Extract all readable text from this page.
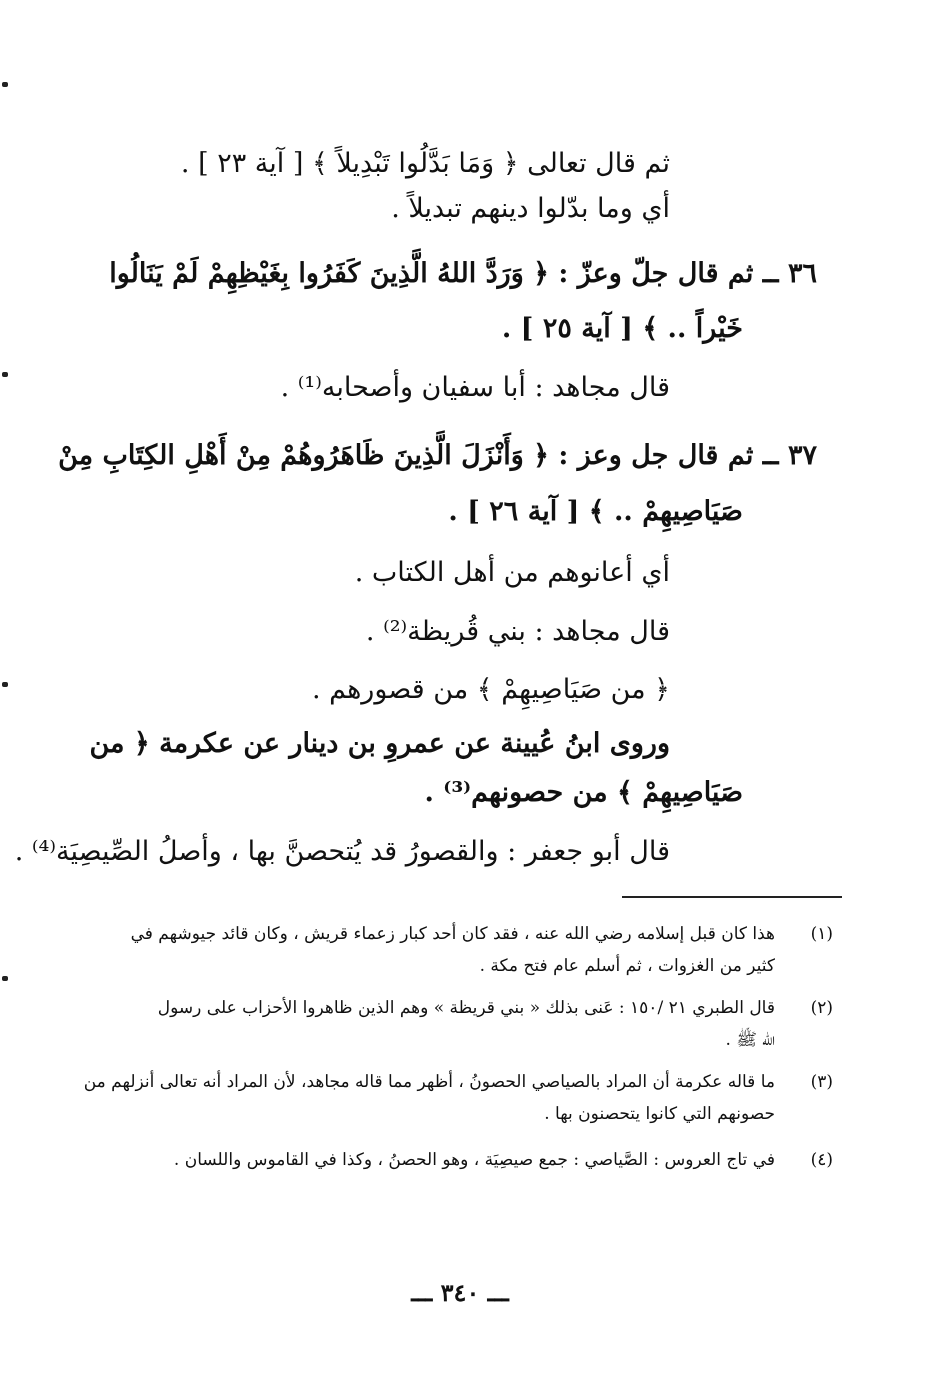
ثم قال تعالى ﴿ وَمَا بَدَّلُوا تَبْدِيلاً ﴾ [ آية ٢٣ ] .
أي وما بدّلوا دينهم تبديلاً .
٣٦ ــ ثم قال جلّ وعزّ : ﴿ وَرَدَّ اللهُ الَّذِينَ كَفَرُوا بِغَيْظِهِمْ لَمْ يَنَالُوا
خَيْراً .. ﴾ [ آية ٢٥ ] .
قال مجاهد : أبا سفيان وأصحابه⁽¹⁾ .
٣٧ ــ ثم قال جل وعز : ﴿ وَأَنْزَلَ الَّذِينَ ظَاهَرُوهُمْ مِنْ أَهْلِ الكِتَابِ مِنْ
صَيَاصِيهِمْ .. ﴾ [ آية ٢٦ ] .
أي أعانوهم من أهل الكتاب .
قال مجاهد : بني قُريظة⁽²⁾ .
﴿ من صَيَاصِيهِمْ ﴾ من قصورهم .
وروى ابنُ عُيينة عن عمروِ بن دينار عن عكرمة ﴿ من
صَيَاصِيهِمْ ﴾ من حصونهم⁽³⁾ .
قال أبو جعفر : والقصورُ قد يُتحصنَّ بها ، وأصلُ الصِّيصِيَة⁽⁴⁾ .
(١)
هذا كان قبل إسلامه رضي الله عنه ، فقد كان أحد كبار زعماء قريش ، وكان قائد جيوشهم في
كثير من الغزوات ، ثم أسلم عام فتح مكة .
(٢)
قال الطبري ٢١ /١٥٠ : عَنى بذلك « بني قريظة » وهم الذين ظاهروا الأحزاب على رسول
الله ﷺ .
(٣)
ما قاله عكرمة أن المراد بالصياصي الحصونُ ، أظهر مما قاله مجاهد، لأن المراد أنه تعالى أنزلهم من
حصونهم التي كانوا يتحصنون بها .
(٤)
في تاج العروس : الصَّياصي : جمع صيصِيَة ، وهو الحصنُ ، وكذا في القاموس واللسان .
ـــ ٣٤٠ ـــ
